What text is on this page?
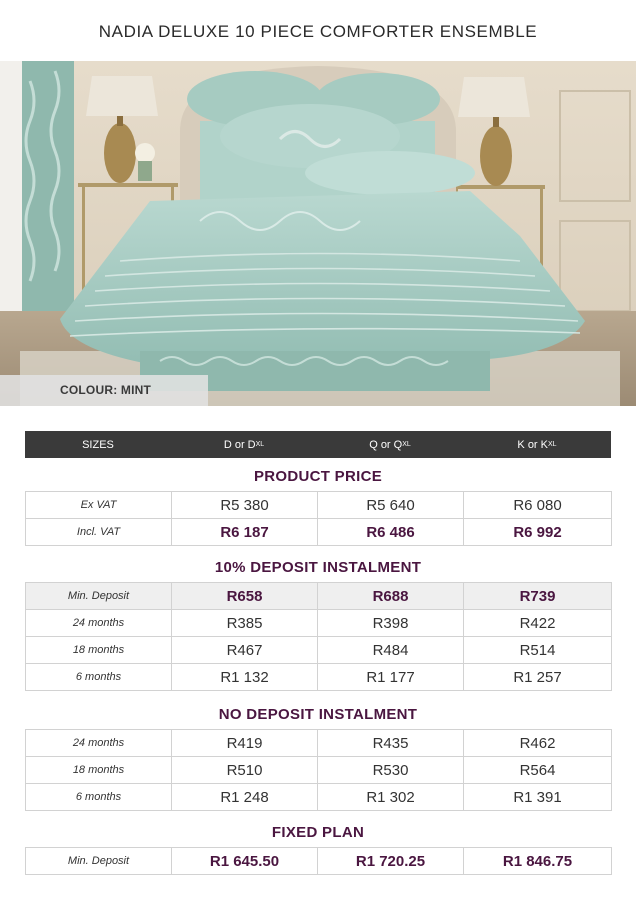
NADIA DELUXE 10 PIECE COMFORTER ENSEMBLE
COLOUR: MINT
SIZES	D or D XL	Q or Q XL	K or K XL
PRODUCT PRICE
Ex VAT	R5 380	R5 640	R6 080
Incl. VAT	R6 187	R6 486	R6 992
10% DEPOSIT INSTALMENT
Min. Deposit	R658	R688	R739
24 months	R385	R398	R422
18 months	R467	R484	R514
6 months	R1 132	R1 177	R1 257
NO DEPOSIT INSTALMENT
24 months	R419	R435	R462
18 months	R510	R530	R564
6 months	R1 248	R1 302	R1 391
FIXED PLAN
Min. Deposit	R1 645.50	R1 720.25	R1 846.75
